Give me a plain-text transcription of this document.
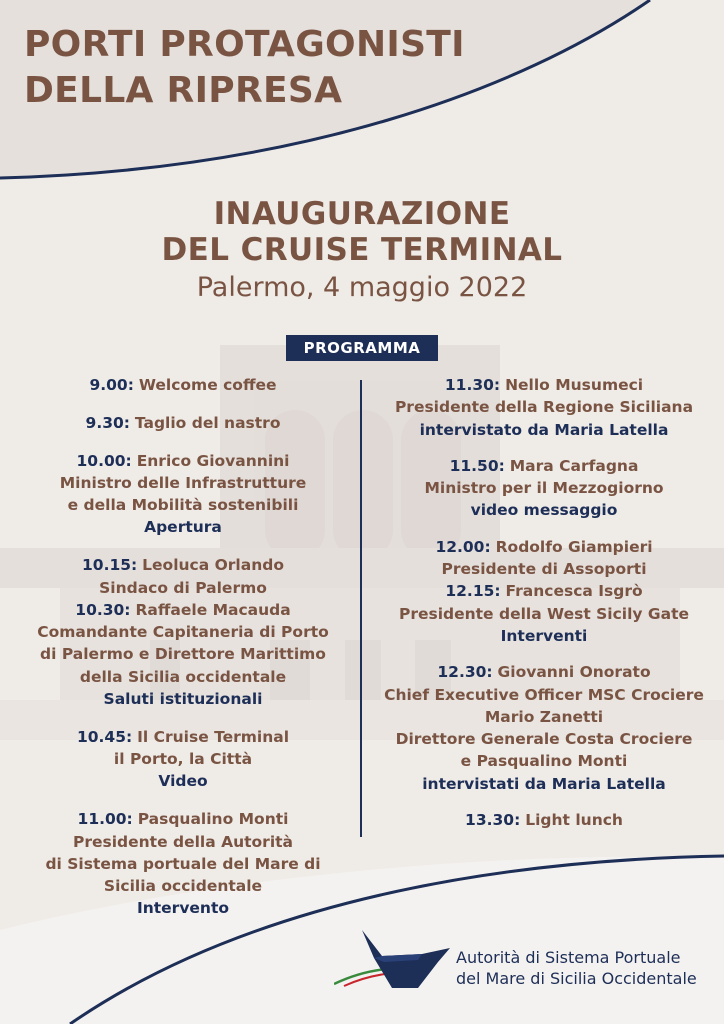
PORTI PROTAGONISTI
DELLA RIPRESA
INAUGURAZIONE
DEL CRUISE TERMINAL
Palermo, 4 maggio 2022
PROGRAMMA
9.00: Welcome coffee
9.30: Taglio del nastro
10.00: Enrico Giovannini
Ministro delle Infrastrutture
e della Mobilità sostenibili
Apertura
10.15: Leoluca Orlando
Sindaco di Palermo
10.30: Raffaele Macauda
Comandante Capitaneria di Porto
di Palermo e Direttore Marittimo
della Sicilia occidentale
Saluti istituzionali
10.45: Il Cruise Terminal
il Porto, la Città
Video
11.00: Pasqualino Monti
Presidente della Autorità
di Sistema portuale del Mare di
Sicilia occidentale
Intervento
11.30: Nello Musumeci
Presidente della Regione Siciliana
intervistato da Maria Latella
11.50: Mara Carfagna
Ministro per il Mezzogiorno
video messaggio
12.00: Rodolfo Giampieri
Presidente di Assoporti
12.15: Francesca Isgrò
Presidente della West Sicily Gate
Interventi
12.30: Giovanni Onorato
Chief Executive Officer MSC Crociere
Mario Zanetti
Direttore Generale Costa Crociere
e Pasqualino Monti
intervistati da Maria Latella
13.30: Light lunch
Autorità di Sistema Portuale
del Mare di Sicilia Occidentale
